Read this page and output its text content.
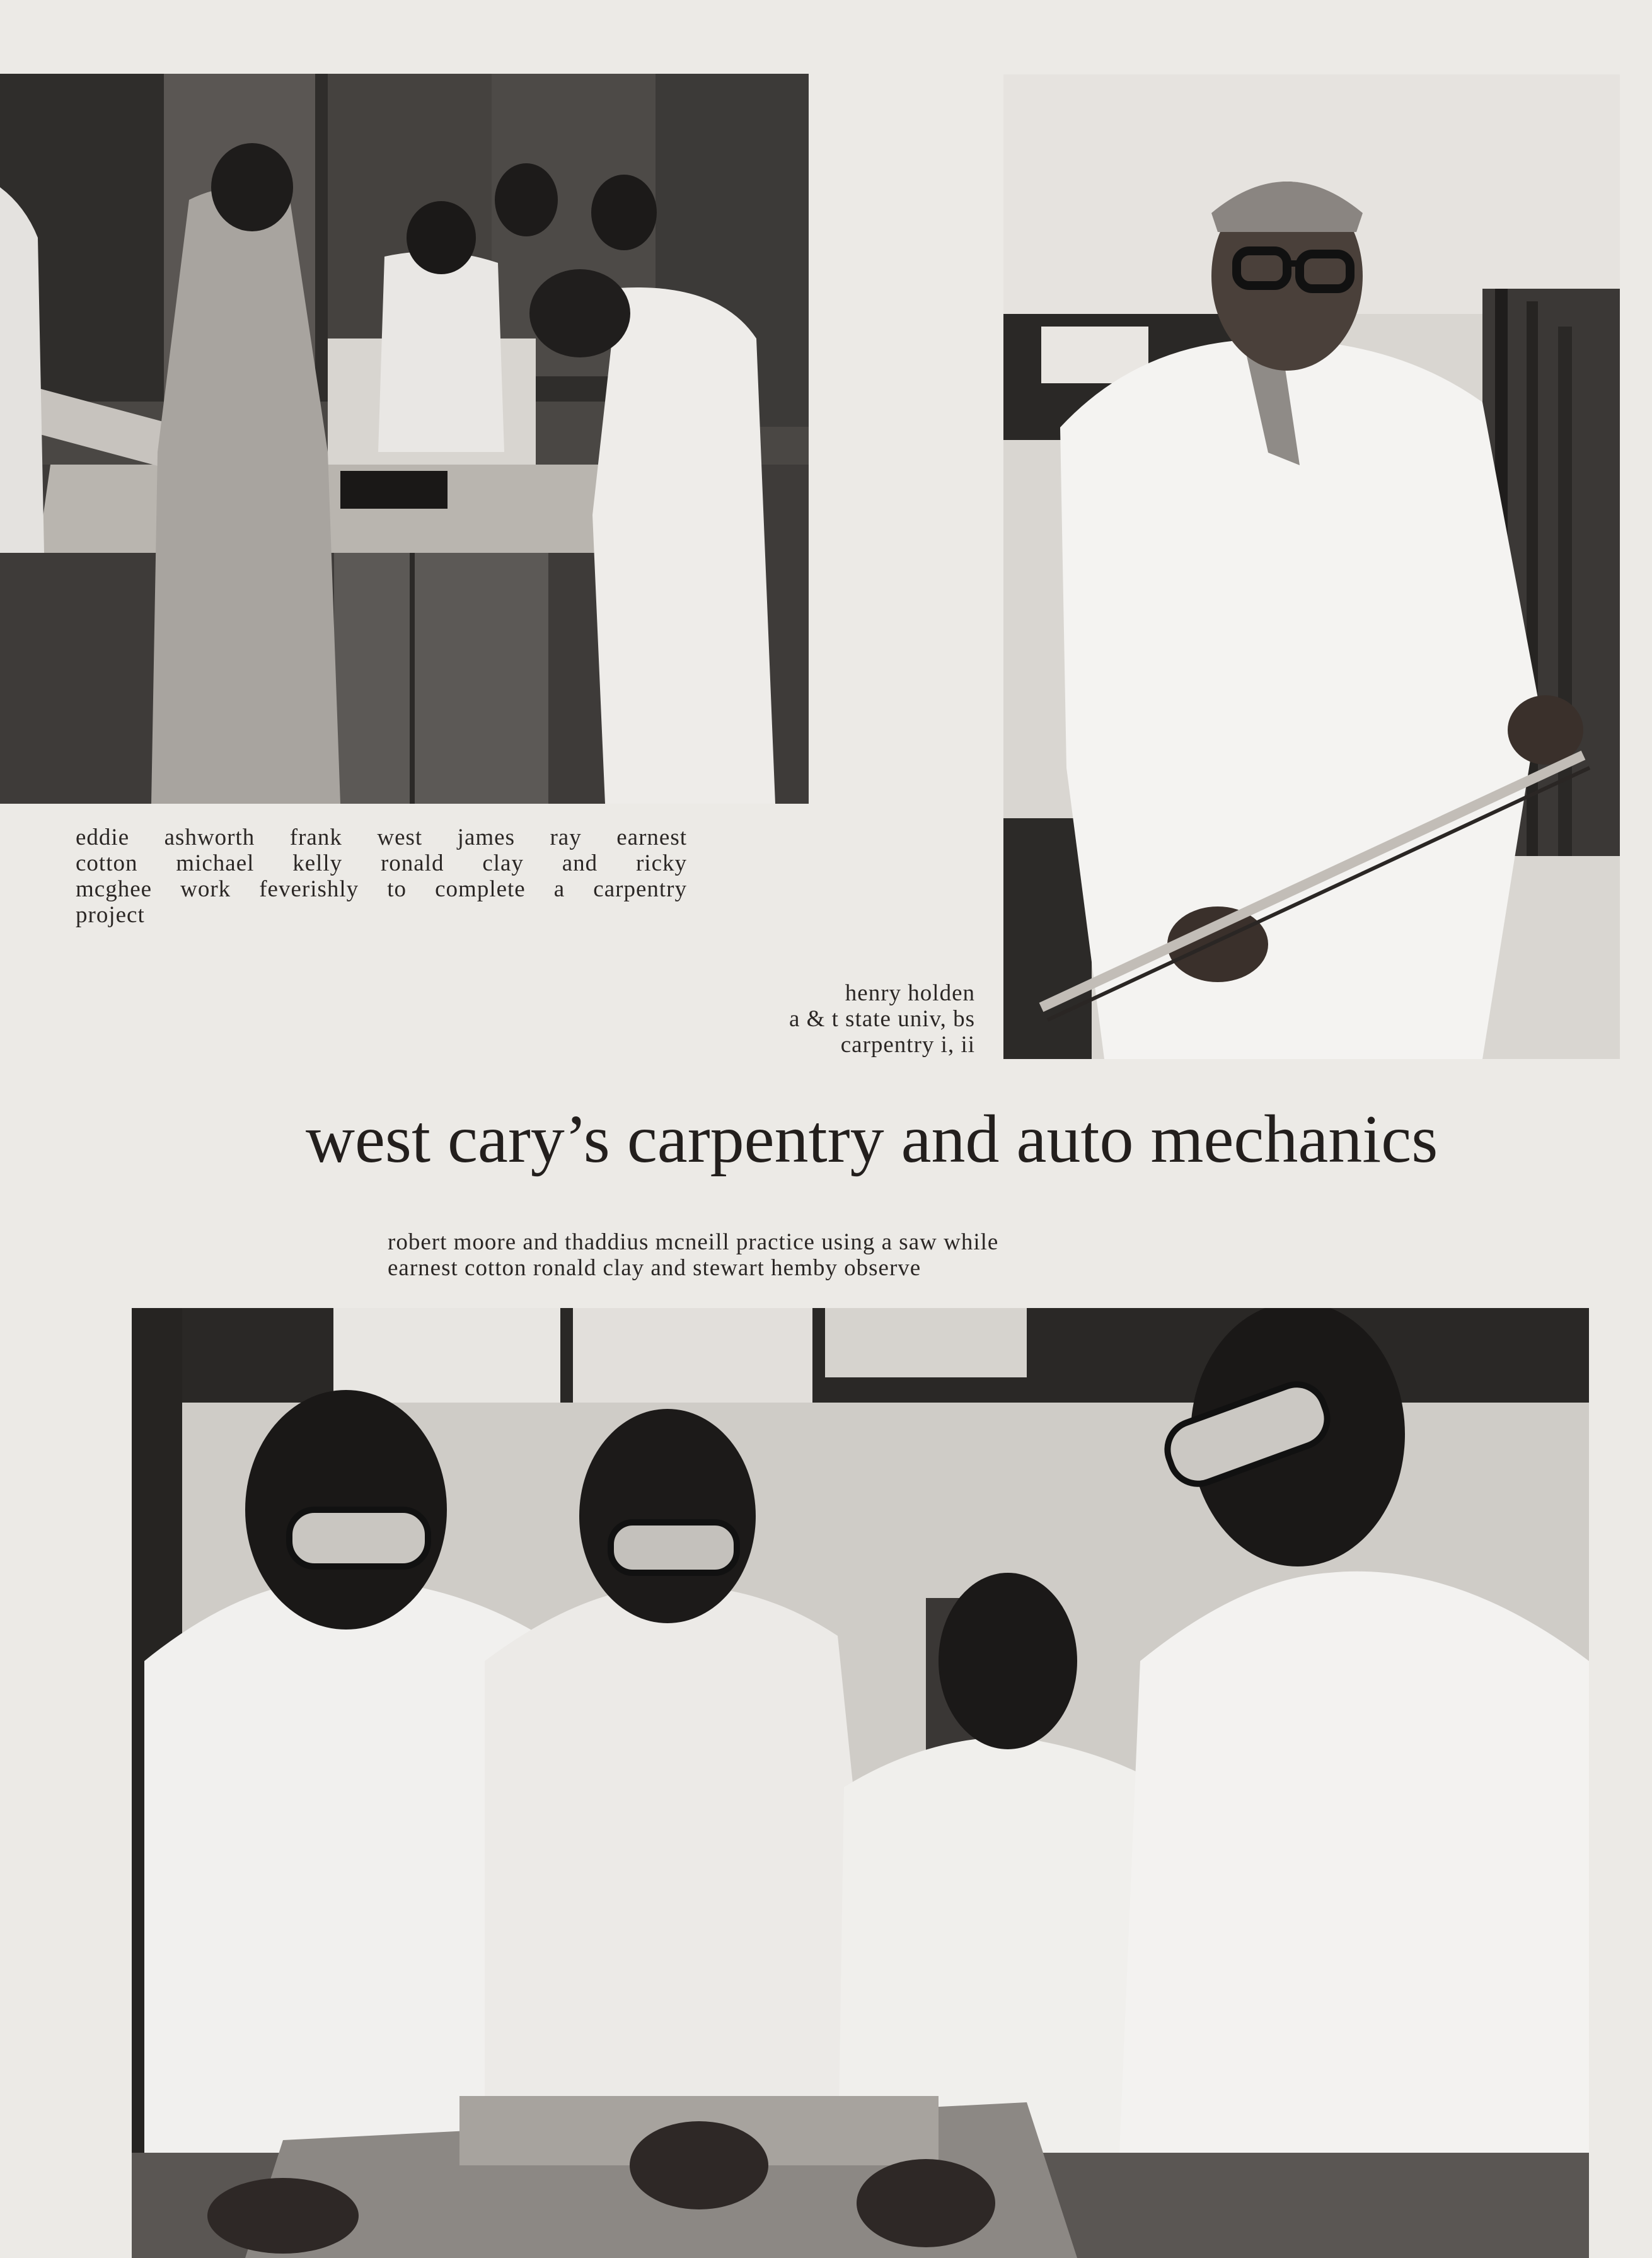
eddie ashworth frank west james ray earnest
cotton michael kelly ronald clay and ricky
mcghee work feverishly to complete a carpentry
project
henry holden
a & t state univ, bs
carpentry i, ii
west cary’s carpentry and auto mechanics
robert moore and thaddius mcneill practice using a saw while
earnest cotton ronald clay and stewart hemby observe
